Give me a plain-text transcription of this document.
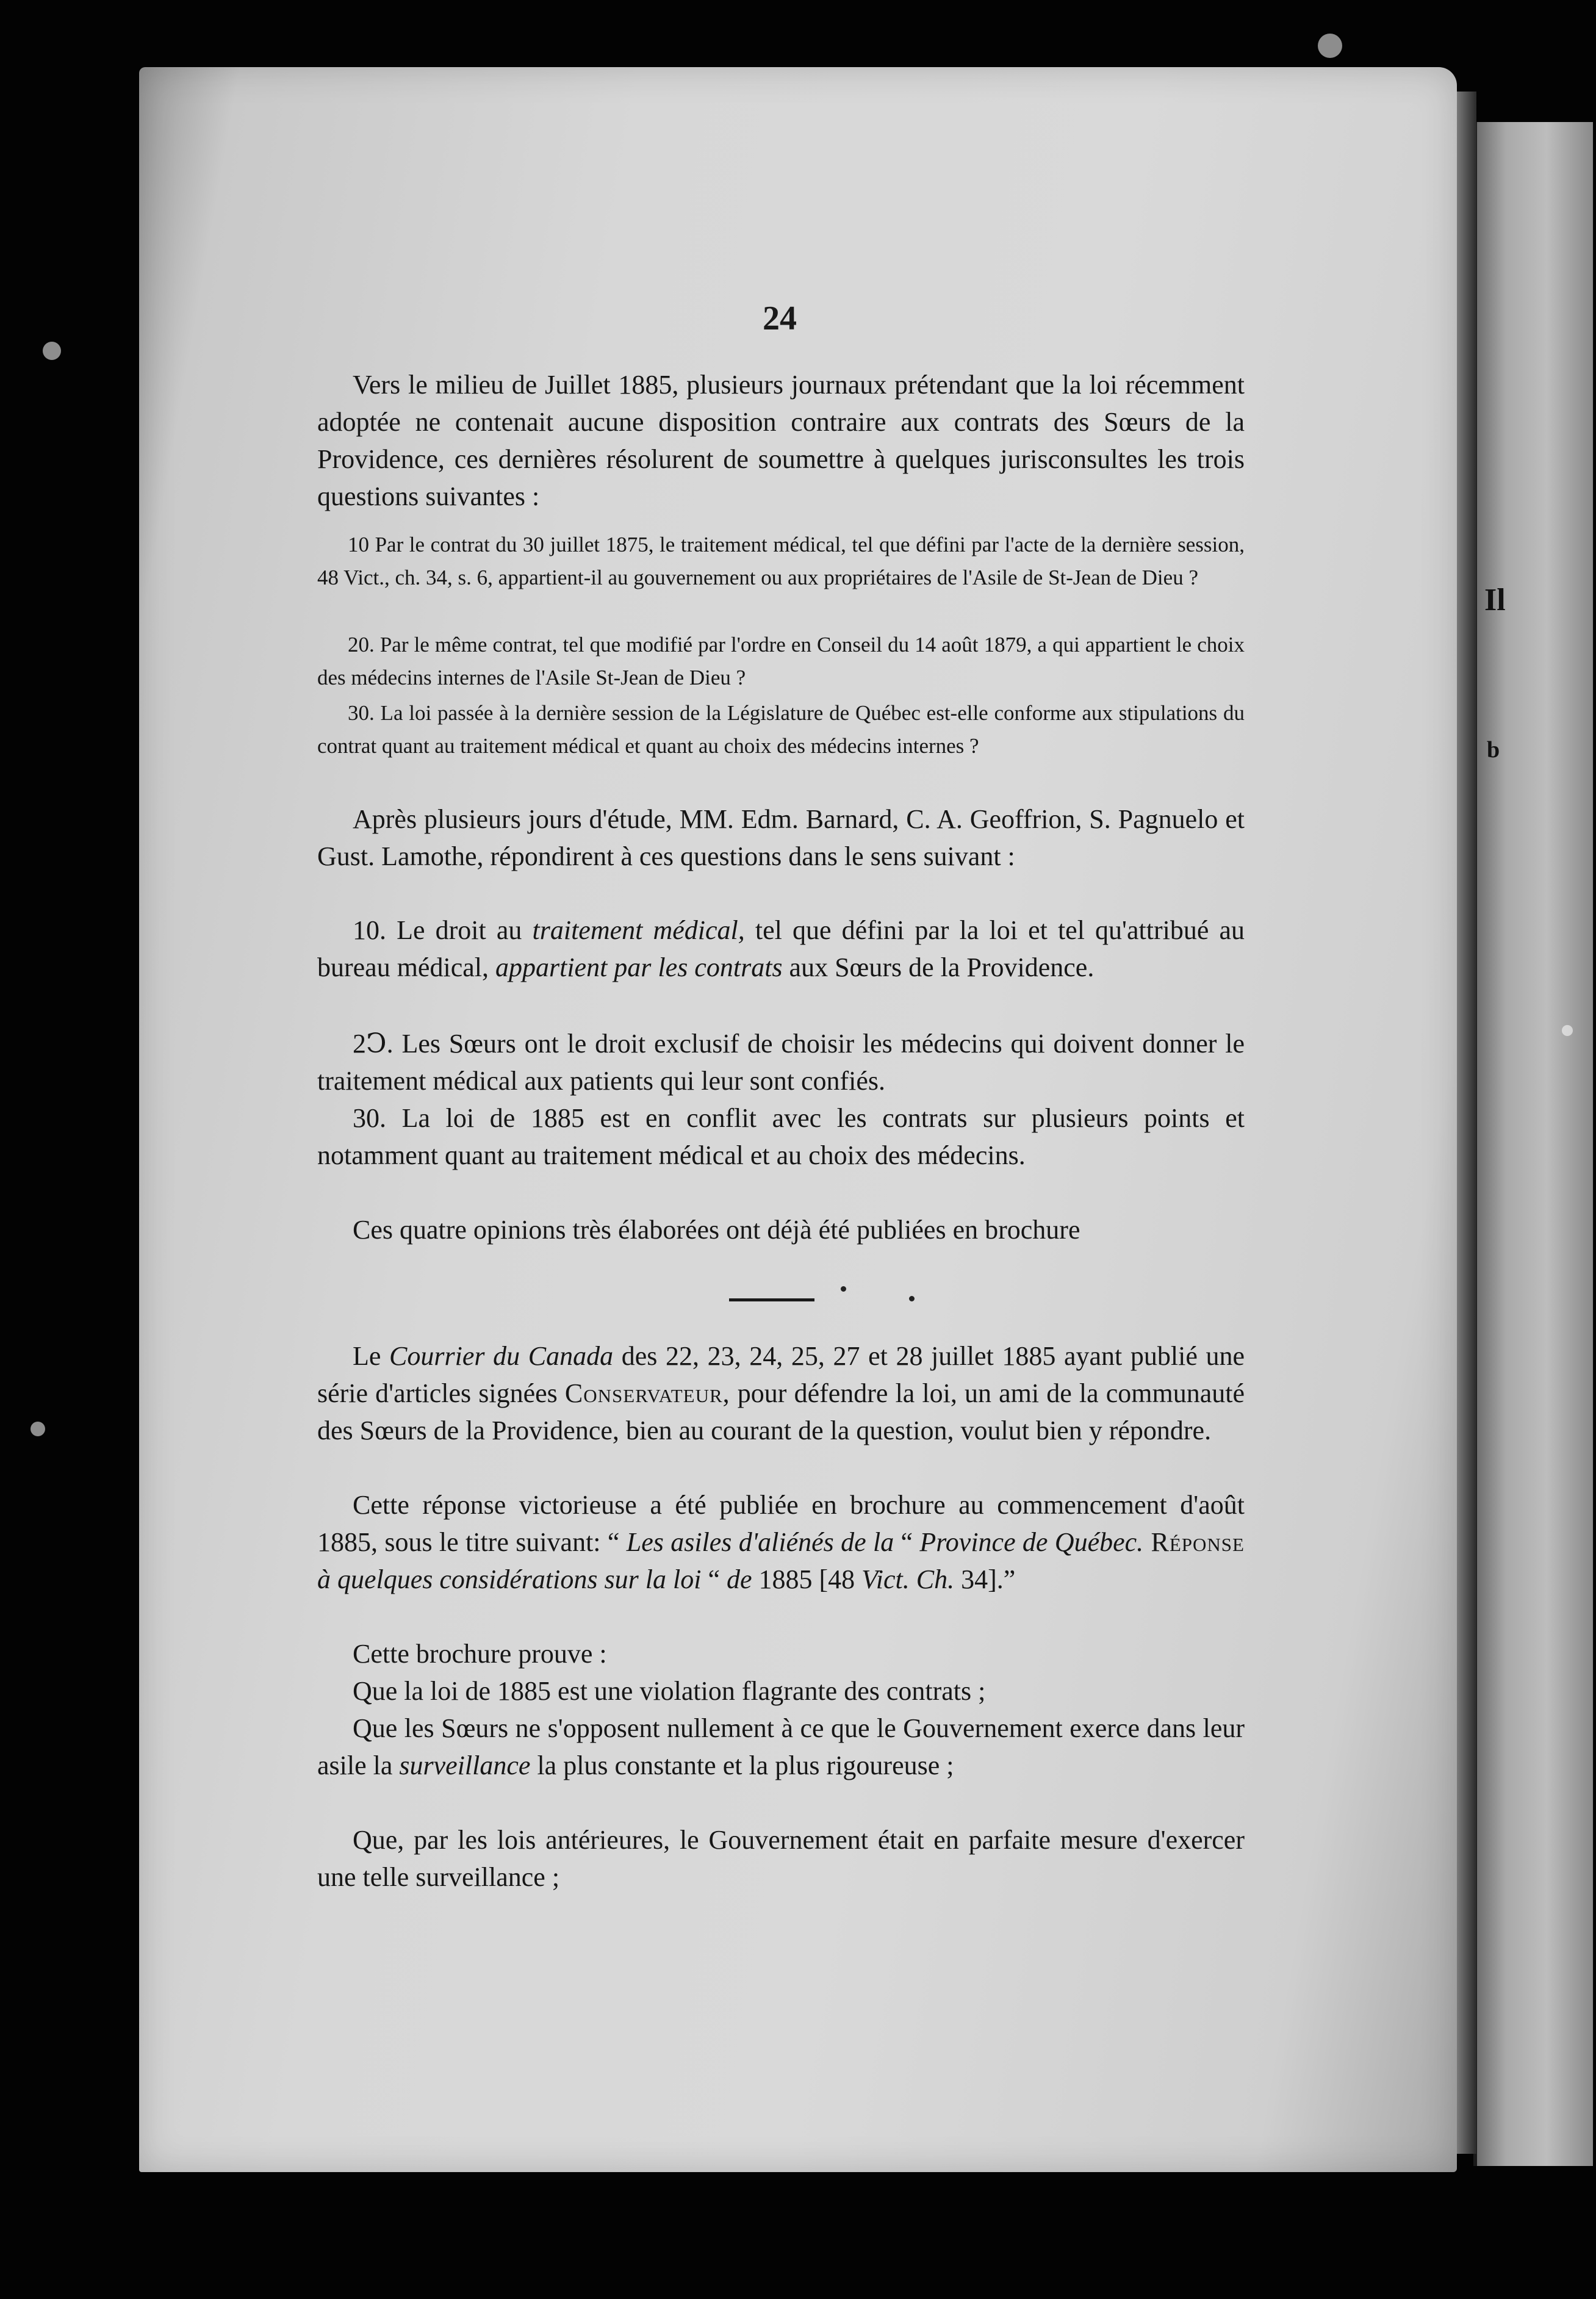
Il
b
24
Vers le milieu de Juillet 1885, plusieurs journaux prétendant que la loi récemment adoptée ne contenait aucune disposition contraire aux contrats des Sœurs de la Providence, ces dernières résolurent de soumettre à quelques jurisconsultes les trois questions suivantes :
10 Par le contrat du 30 juillet 1875, le traitement médical, tel que défini par l'acte de la dernière session, 48 Vict., ch. 34, s. 6, appartient-il au gouvernement ou aux propriétaires de l'Asile de St-Jean de Dieu ?
20. Par le même contrat, tel que modifié par l'ordre en Conseil du 14 août 1879, a qui appartient le choix des médecins internes de l'Asile St-Jean de Dieu ?
30. La loi passée à la dernière session de la Législature de Québec est-elle conforme aux stipulations du contrat quant au traitement médical et quant au choix des médecins internes ?
Après plusieurs jours d'étude, MM. Edm. Barnard, C. A. Geoffrion, S. Pagnuelo et Gust. Lamothe, répondirent à ces questions dans le sens suivant :
10. Le droit au traitement médical, tel que défini par la loi et tel qu'attribué au bureau médical, appartient par les contrats aux Sœurs de la Providence.
2Ↄ. Les Sœurs ont le droit exclusif de choisir les médecins qui doivent donner le traitement médical aux patients qui leur sont confiés.
30. La loi de 1885 est en conflit avec les contrats sur plusieurs points et notamment quant au traitement médical et au choix des médecins.
Ces quatre opinions très élaborées ont déjà été publiées en brochure
Le Courrier du Canada des 22, 23, 24, 25, 27 et 28 juillet 1885 ayant publié une série d'articles signées Conservateur, pour défendre la loi, un ami de la communauté des Sœurs de la Providence, bien au courant de la question, voulut bien y répondre.
Cette réponse victorieuse a été publiée en brochure au commencement d'août 1885, sous le titre suivant: “ Les asiles d'aliénés de la “ Province de Québec. Réponse à quelques considérations sur la loi “ de 1885 [48 Vict. Ch. 34].”
Cette brochure prouve :
Que la loi de 1885 est une violation flagrante des contrats ;
Que les Sœurs ne s'opposent nullement à ce que le Gouvernement exerce dans leur asile la surveillance la plus constante et la plus rigoureuse ;
Que, par les lois antérieures, le Gouvernement était en parfaite mesure d'exercer une telle surveillance ;
